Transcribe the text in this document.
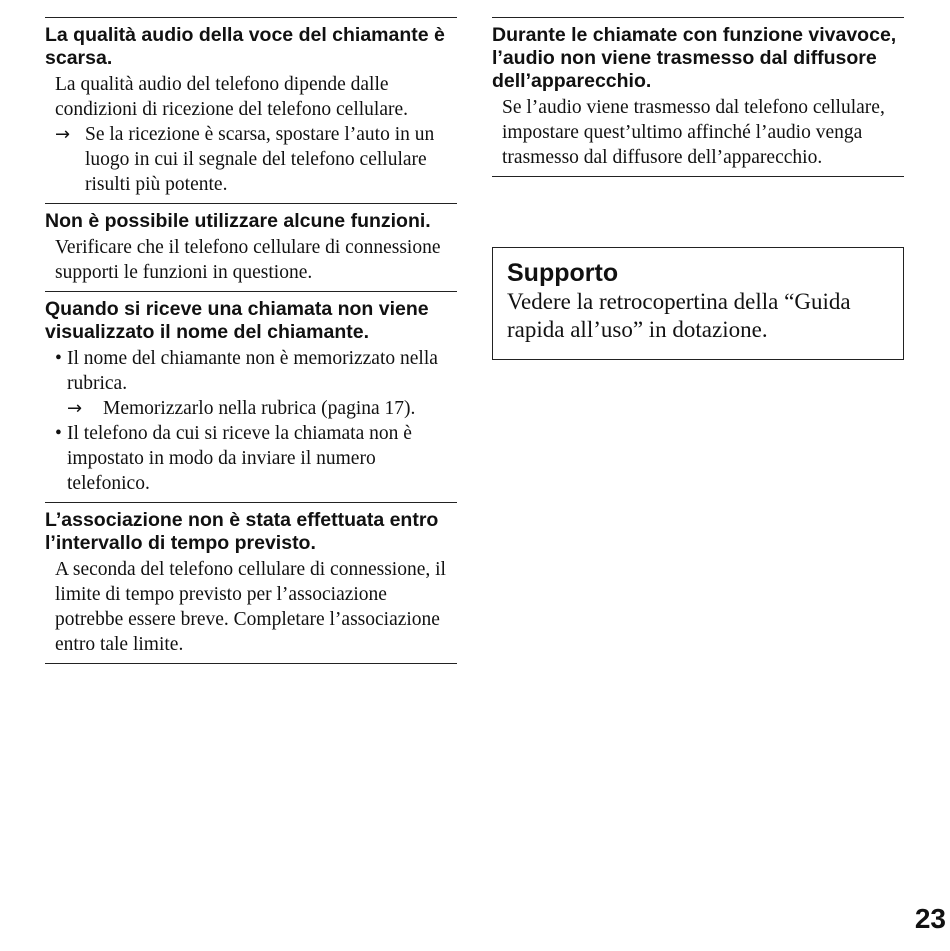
La qualità audio della voce del chiamante è scarsa.

La qualità audio del telefono dipende dalle condizioni di ricezione del telefono cellulare.

→ Se la ricezione è scarsa, spostare l’auto in un luogo in cui il segnale del telefono cellulare risulti più potente.
Non è possibile utilizzare alcune funzioni.

Verificare che il telefono cellulare di connessione supporti le funzioni in questione.

Quando si riceve una chiamata non viene visualizzato il nome del chiamante.
• Il nome del chiamante non è memorizzato nella rubrica.
→	Memorizzarlo nella rubrica (pagina 17).
• Il telefono da cui si riceve la chiamata non è impostato in modo da inviare il numero telefonico.
L’associazione non è stata effettuata entro l’intervallo di tempo previsto.

A seconda del telefono cellulare di connessione, il limite di tempo previsto per l’associazione potrebbe essere breve. Completare l’associazione entro tale limite.

Durante le chiamate con funzione vivavoce, l’audio non viene trasmesso dal diffusore dell’apparecchio.

Se l’audio viene trasmesso dal telefono cellulare, impostare quest’ultimo affinché l’audio venga trasmesso dal diffusore dell’apparecchio.

Supporto

Vedere la retrocopertina della “Guida rapida all’uso” in dotazione.

23
